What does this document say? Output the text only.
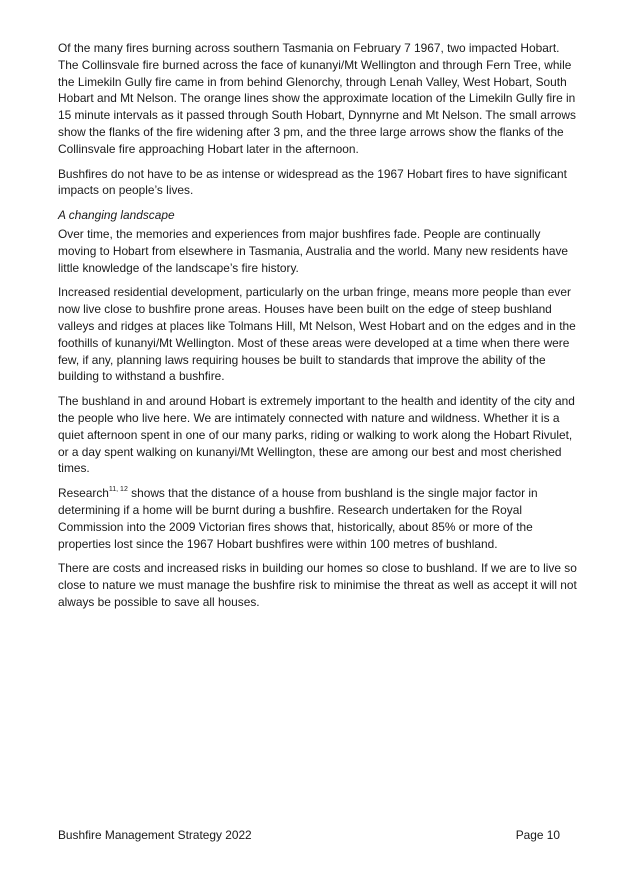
Of the many fires burning across southern Tasmania on February 7 1967, two impacted Hobart. The Collinsvale fire burned across the face of kunanyi/Mt Wellington and through Fern Tree, while the Limekiln Gully fire came in from behind Glenorchy, through Lenah Valley, West Hobart, South Hobart and Mt Nelson. The orange lines show the approximate location of the Limekiln Gully fire in 15 minute intervals as it passed through South Hobart, Dynnyrne and Mt Nelson. The small arrows show the flanks of the fire widening after 3 pm, and the three large arrows show the flanks of the Collinsvale fire approaching Hobart later in the afternoon.

Bushfires do not have to be as intense or widespread as the 1967 Hobart fires to have significant impacts on people’s lives.

A changing landscape

Over time, the memories and experiences from major bushfires fade. People are continually moving to Hobart from elsewhere in Tasmania, Australia and the world. Many new residents have little knowledge of the landscape’s fire history.

Increased residential development, particularly on the urban fringe, means more people than ever now live close to bushfire prone areas. Houses have been built on the edge of steep bushland valleys and ridges at places like Tolmans Hill, Mt Nelson, West Hobart and on the edges and in the foothills of kunanyi/Mt Wellington. Most of these areas were developed at a time when there were few, if any, planning laws requiring houses be built to standards that improve the ability of the building to withstand a bushfire.

The bushland in and around Hobart is extremely important to the health and identity of the city and the people who live here. We are intimately connected with nature and wildness. Whether it is a quiet afternoon spent in one of our many parks, riding or walking to work along the Hobart Rivulet, or a day spent walking on kunanyi/Mt Wellington, these are among our best and most cherished times.

Research$^{11, 12}$ shows that the distance of a house from bushland is the single major factor in determining if a home will be burnt during a bushfire. Research undertaken for the Royal Commission into the 2009 Victorian fires shows that, historically, about 85% or more of the properties lost since the 1967 Hobart bushfires were within 100 metres of bushland.

There are costs and increased risks in building our homes so close to bushland. If we are to live so close to nature we must manage the bushfire risk to minimise the threat as well as accept it will not always be possible to save all houses.

Bushfire Management Strategy 2022	Page 10
